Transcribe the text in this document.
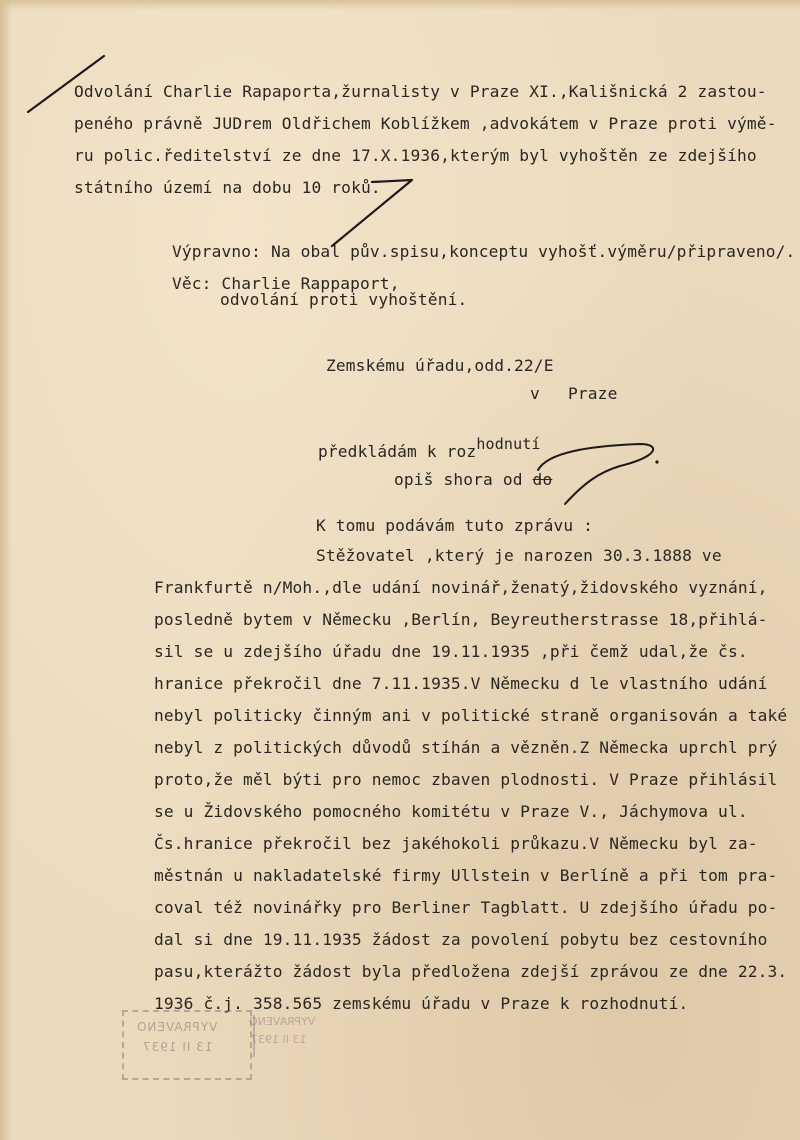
Odvolání Charlie Rapaporta,žurnalisty v Praze XI.,Kališnická 2 zastou-
peného právně JUDrem Oldřichem Koblížkem ,advokátem v Praze proti výmě-
ru polic.ředitelství ze dne 17.X.1936,kterým byl vyhoštěn ze zdejšího
státního území na dobu 10 roků.
Výpravno: Na obal pův.spisu,konceptu vyhošť.výměru/připraveno/.
Věc: Charlie Rappaport,
odvolání proti vyhoštění.
Zemskému úřadu,odd.22/E
v Praze
předkládám k rozhodnutí
opiš shora od do
K tomu podávám tuto zprávu :
Stěžovatel ,který je narozen 30.3.1888 ve
Frankfurtě n/Moh.,dle udání novinář,ženatý,židovského vyznání,
posledně bytem v Německu ,Berlín, Beyreutherstrasse 18,přihlá-
sil se u zdejšího úřadu dne 19.11.1935 ,při čemž udal,že čs.
hranice překročil dne 7.11.1935.V Německu d le vlastního udání
nebyl politicky činným ani v politické straně organisován a také
nebyl z politických důvodů stíhán a vězněn.Z Německa uprchl prý
proto,že měl býti pro nemoc zbaven plodnosti. V Praze přihlásil
se u Židovského pomocného komitétu v Praze V., Jáchymova ul.
Čs.hranice překročil bez jakéhokoli průkazu.V Německu byl za-
městnán u nakladatelské firmy Ullstein v Berlíně a při tom pra-
coval též novinářky pro Berliner Tagblatt. U zdejšího úřadu po-
dal si dne 19.11.1935 žádost za povolení pobytu bez cestovního
pasu,kterážto žádost byla předložena zdejší zprávou ze dne 22.3.
1936 č.j. 358.565 zemskému úřadu v Praze k rozhodnutí.
VYPRAVENO
13 II 1937
VYPRAVENO
13 II 1937
